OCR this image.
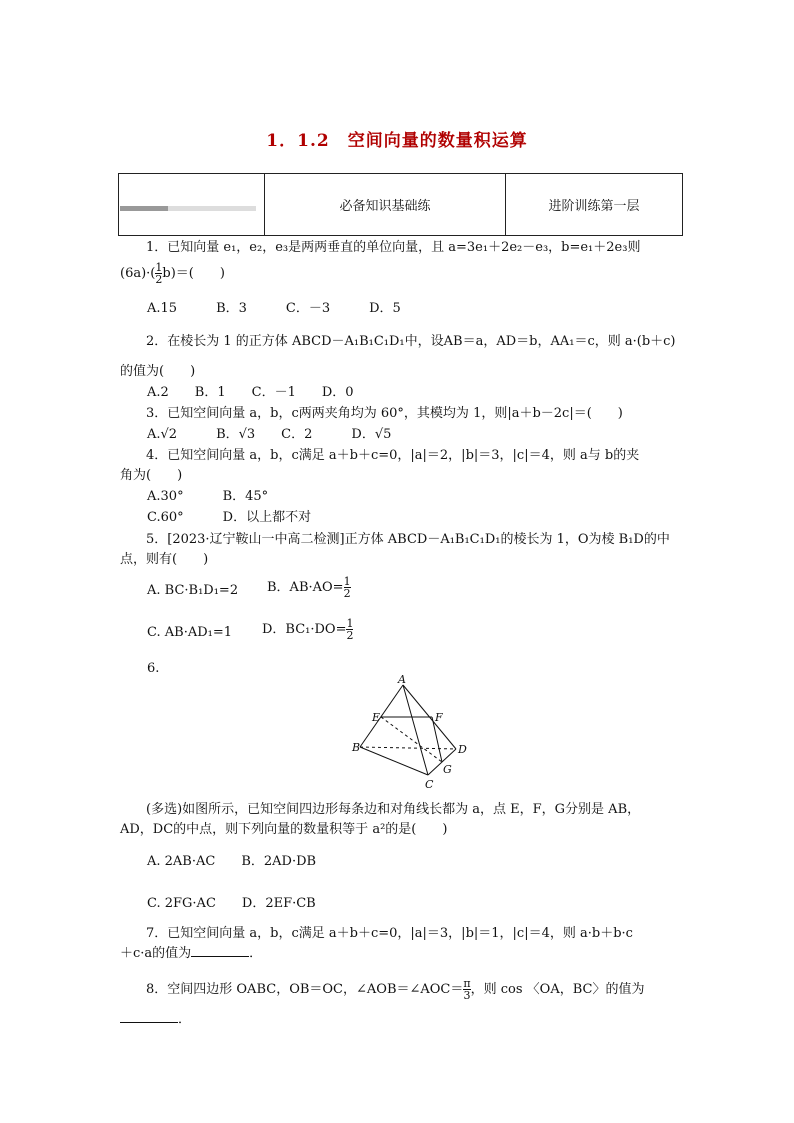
1．1.2　空间向量的数量积运算
	必备知识基础练	进阶训练第一层
1．已知向量 e₁，e₂，e₃是两两垂直的单位向量，且 a=3e₁＋2e₂－e₃，b=e₁＋2e₃则
$(6a)\cdot( \frac{1}{2} b)=$(　　)
A.15　　　B．3　　　C．－3　　　D．5
2．在棱长为 1 的正方体 ABCD－A₁B₁C₁D₁中，设AB＝a，AD＝b，AA₁＝c，则 a·(b＋c)
的值为(　　)
A.2　　B．1　　C．－1　　D．0
3．已知空间向量 a，b，c两两夹角均为 60°，其模均为 1，则|a＋b－2c|＝(　　)
A.√2　　　B．√3　　C．2　　　D．√5
4．已知空间向量 a，b，c满足 a＋b＋c=0，|a|＝2，|b|＝3，|c|＝4，则 a与 b的夹
角为(　　)
A.30°　　　B．45°
C.60°　　　D．以上都不对
5．[2023·辽宁鞍山一中高二检测]正方体 ABCD－A₁B₁C₁D₁的棱长为 1，O为棱 B₁D的中
点，则有(　　)
A. BC·B₁D₁=2 B．$AB\cdot AO= \frac{1}{2}$
C. AB·AD₁=1 D．$BC_1\cdot DO= \frac{1}{2}$
6.
A
E	F
B	D
G
C
(多选)如图所示，已知空间四边形每条边和对角线长都为 a，点 E，F，G分别是 AB，
AD，DC的中点，则下列向量的数量积等于 a²的是(　　)
A. 2AB·AC　　B．2AD·DB
C. 2FG·AC　　D．2EF·CB
7．已知空间向量 a，b，c满足 a＋b＋c=0，|a|＝3，|b|＝1，|c|＝4，则 a·b＋b·c
＋c·a的值为	．
8．空间四边形 OABC，OB＝OC，∠AOB＝∠AOC＝ $\frac{\pi}{3}$ ，则 cos 〈OA，BC〉的值为
．
